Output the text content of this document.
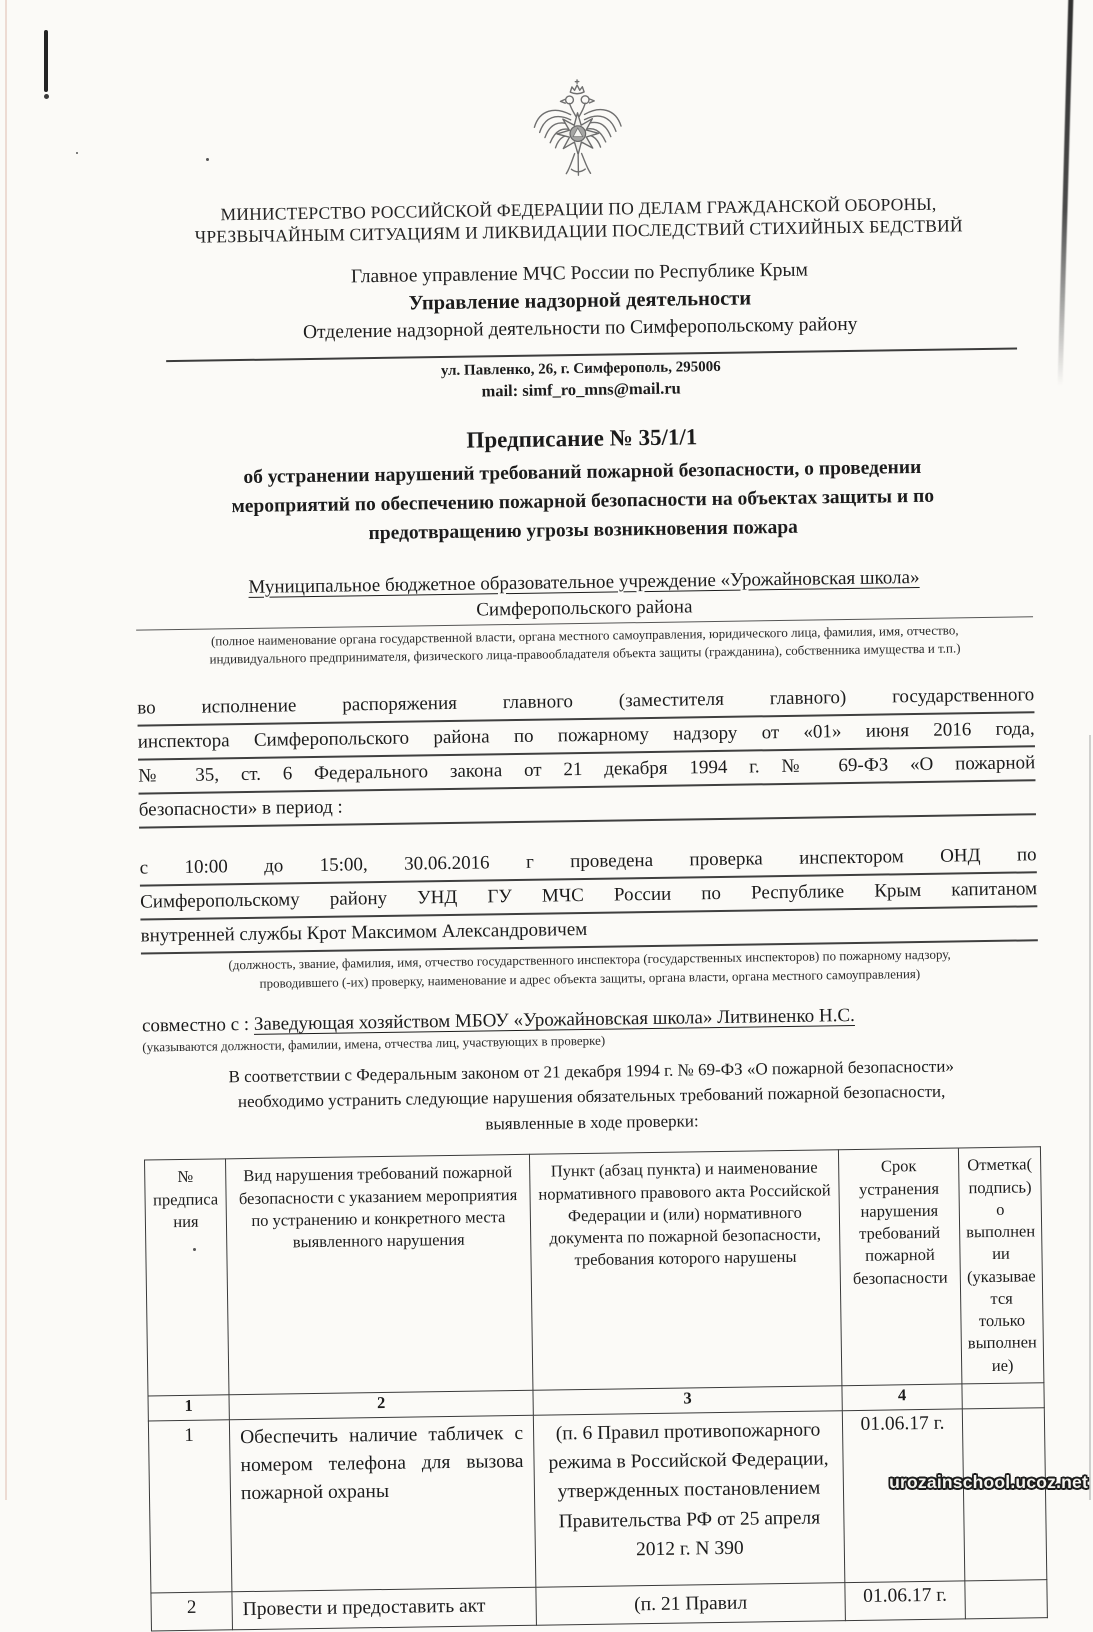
МИНИСТЕРСТВО РОССИЙСКОЙ ФЕДЕРАЦИИ ПО ДЕЛАМ ГРАЖДАНСКОЙ ОБОРОНЫ,
ЧРЕЗВЫЧАЙНЫМ СИТУАЦИЯМ И ЛИКВИДАЦИИ ПОСЛЕДСТВИЙ СТИХИЙНЫХ БЕДСТВИЙ
Главное управление МЧС России по Республике Крым
Управление надзорной деятельности
Отделение надзорной деятельности по Симферопольскому району
ул. Павленко, 26, г. Симферополь, 295006
mail: simf_ro_mns@mail.ru
Предписание № 35/1/1
об устранении нарушений требований пожарной безопасности, о проведении
мероприятий по обеспечению пожарной безопасности на объектах защиты и по
предотвращению угрозы возникновения пожара
Муниципальное бюджетное образовательное учреждение «Урожайновская школа»
Симферопольского района
(полное наименование органа государственной власти, органа местного самоуправления, юридического лица, фамилия, имя, отчество,
индивидуального предпринимателя, физического лица-правообладателя объекта защиты (гражданина), собственника имущества и т.п.)
во исполнение распоряжения главного (заместителя главного) государственного
инспектора Симферопольского района по пожарному надзору от «01» июня 2016 года,
№ 35, ст. 6 Федерального закона от 21 декабря 1994 г. № 69-ФЗ «О пожарной
безопасности» в период :
с 10:00 до 15:00, 30.06.2016 г проведена проверка инспектором ОНД по
Симферопольскому району УНД ГУ МЧС России по Республике Крым капитаном
внутренней службы Крот Максимом Александровичем
(должность, звание, фамилия, имя, отчество государственного инспектора (государственных инспекторов) по пожарному надзору,
проводившего (-их) проверку, наименование и адрес объекта защиты, органа власти, органа местного самоуправления)
совместно с : Заведующая хозяйством МБОУ «Урожайновская школа» Литвиненко Н.С.
(указываются должности, фамилии, имена, отчества лиц, участвующих в проверке)
В соответствии с Федеральным законом от 21 декабря 1994 г. № 69-ФЗ «О пожарной безопасности»
необходимо устранить следующие нарушения обязательных требований пожарной безопасности,
выявленные в ходе проверки:
№ предписания	Вид нарушения требований пожарной безопасности с указанием мероприятия по устранению и конкретного места выявленного нарушения	Пункт (абзац пункта) и наименование нормативного правового акта Российской Федерации и (или) нормативного документа по пожарной безопасности, требования которого нарушены	Срок устранения нарушения требований пожарной безопасности	Отметка(подпись) о выполнении (указывается только выполнение)
1	2	3	4	
1	Обеспечить наличие табличек с номером телефона для вызова пожарной охраны	(п. 6 Правил противопожарного режима в Российской Федерации, утвержденных постановлением Правительства РФ от 25 апреля 2012 г. N 390	01.06.17 г.	
2	Провести и предоставить акт	(п. 21 Правил	01.06.17 г.	
urozainschool.ucoz.net
